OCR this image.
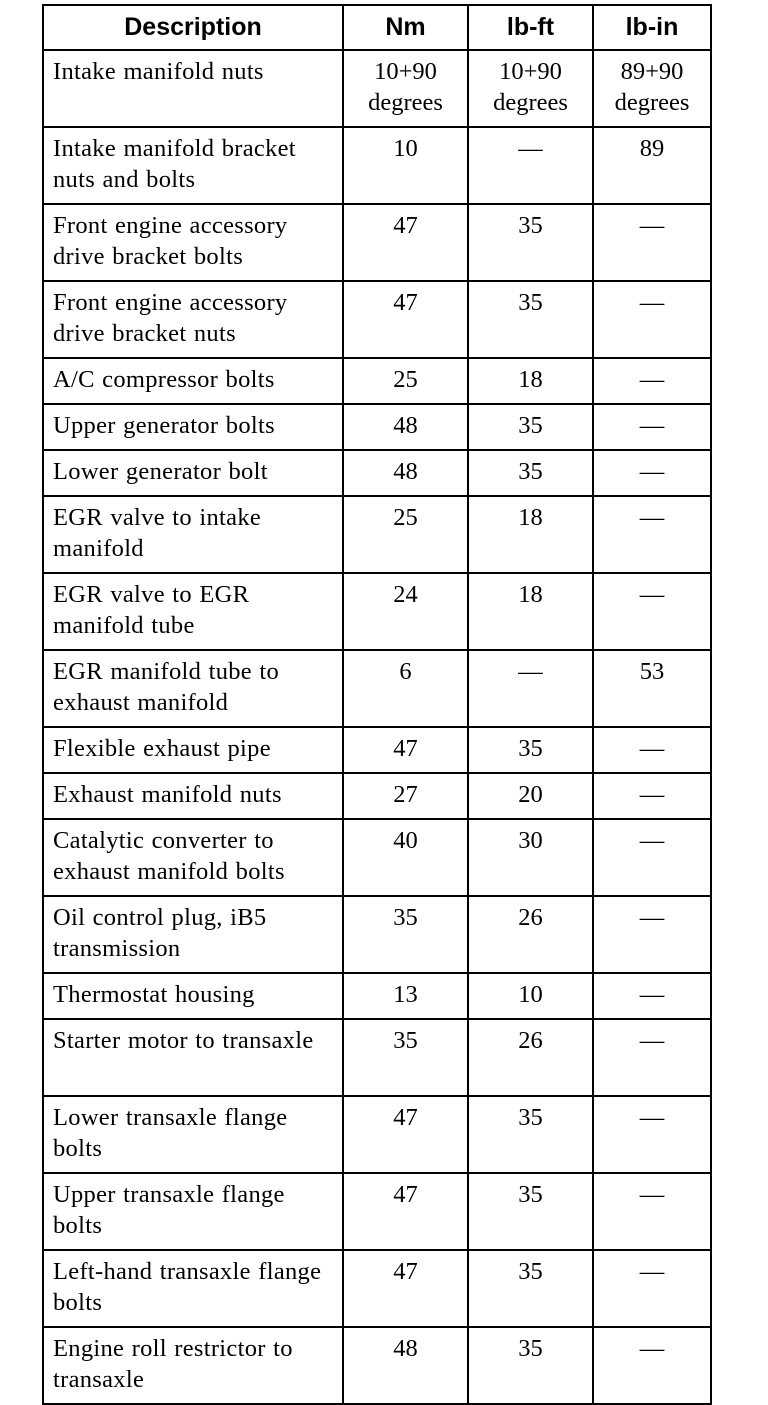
Description	Nm	lb-ft	lb-in
Intake manifold nuts	10+90 degrees	10+90 degrees	89+90 degrees
Intake manifold bracket nuts and bolts	10	—	89
Front engine accessory drive bracket bolts	47	35	—
Front engine accessory drive bracket nuts	47	35	—
A/C compressor bolts	25	18	—
Upper generator bolts	48	35	—
Lower generator bolt	48	35	—
EGR valve to intake manifold	25	18	—
EGR valve to EGR manifold tube	24	18	—
EGR manifold tube to exhaust manifold	6	—	53
Flexible exhaust pipe	47	35	—
Exhaust manifold nuts	27	20	—
Catalytic converter to exhaust manifold bolts	40	30	—
Oil control plug, iB5 transmission	35	26	—
Thermostat housing	13	10	—
Starter motor to transaxle	35	26	—
Lower transaxle flange bolts	47	35	—
Upper transaxle flange bolts	47	35	—
Left-hand transaxle flange bolts	47	35	—
Engine roll restrictor to transaxle	48	35	—
